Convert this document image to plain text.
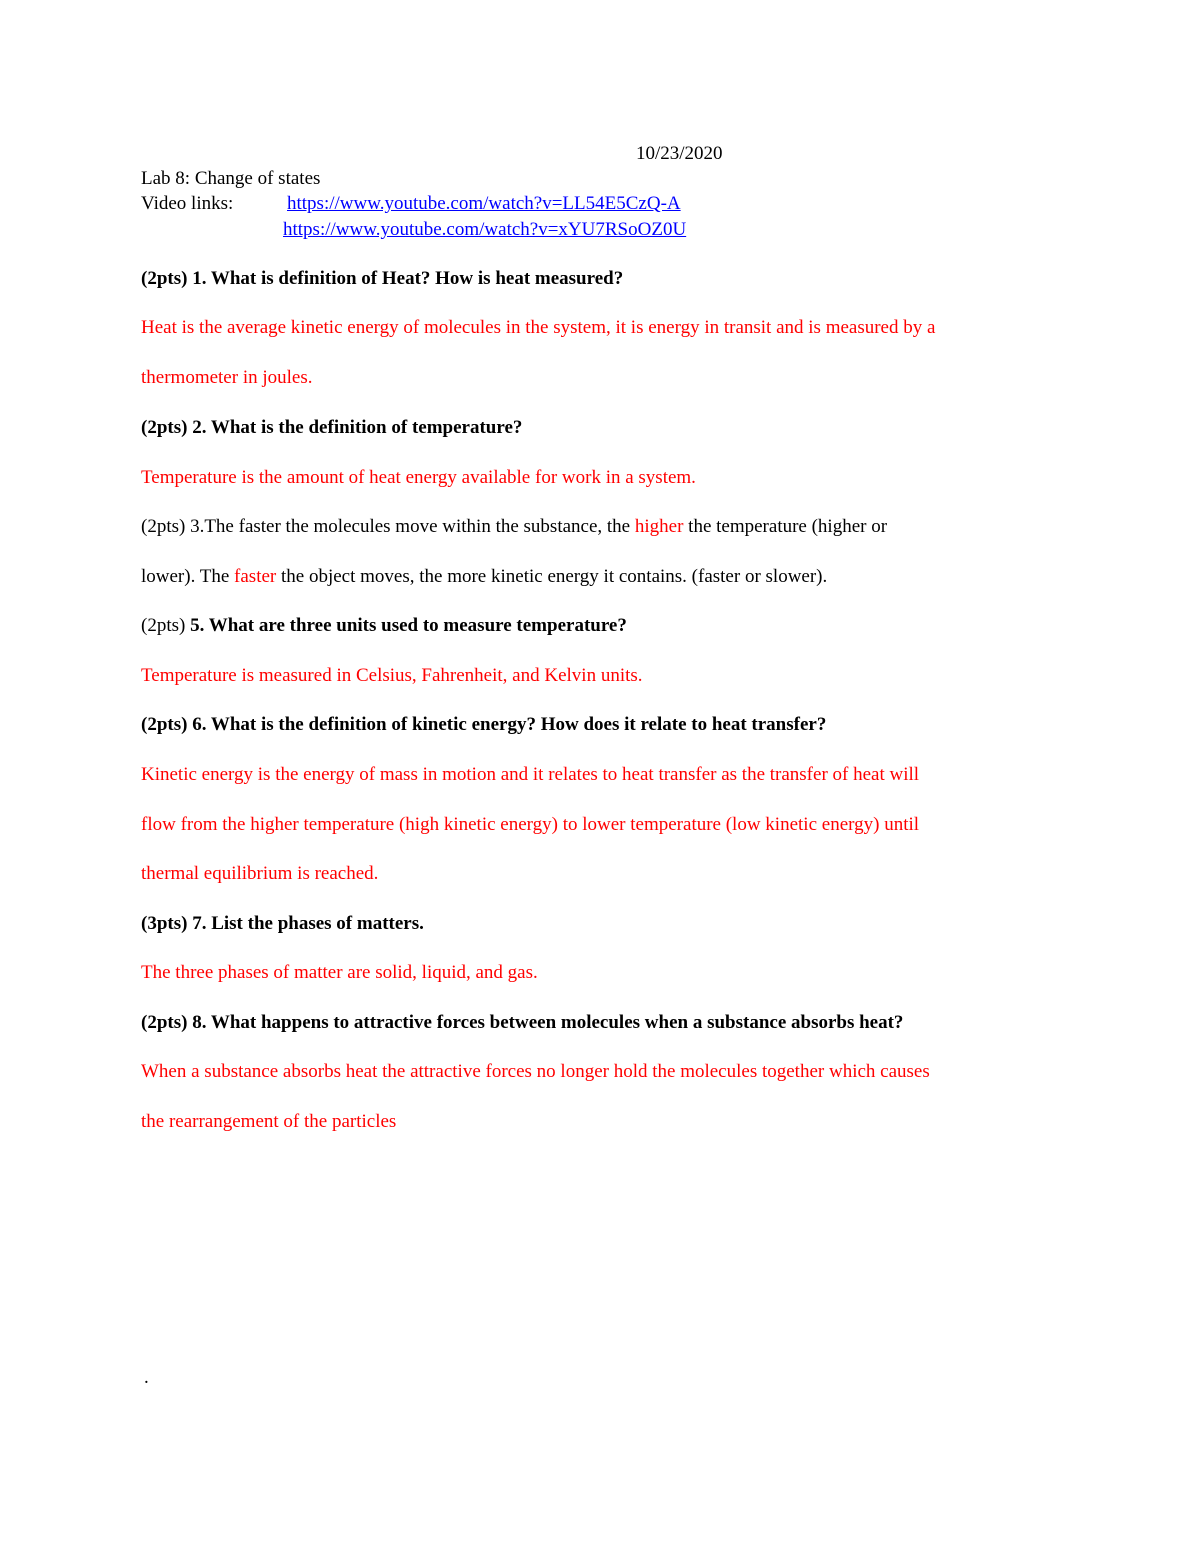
10/23/2020
Lab 8: Change of states
Video links:	https://www.youtube.com/watch?v=LL54E5CzQ-A
https://www.youtube.com/watch?v=xYU7RSoOZ0U
(2pts) 1. What is definition of Heat? How is heat measured?
Heat is the average kinetic energy of molecules in the system, it is energy in transit and is measured by a
thermometer in joules.
(2pts) 2. What is the definition of temperature?
Temperature is the amount of heat energy available for work in a system.
(2pts) 3.The faster the molecules move within the substance, the higher the temperature (higher or
lower). The faster the object moves, the more kinetic energy it contains. (faster or slower).
(2pts) 5. What are three units used to measure temperature?
Temperature is measured in Celsius, Fahrenheit, and Kelvin units.
(2pts) 6. What is the definition of kinetic energy? How does it relate to heat transfer?
Kinetic energy is the energy of mass in motion and it relates to heat transfer as the transfer of heat will
flow from the higher temperature (high kinetic energy) to lower temperature (low kinetic energy) until
thermal equilibrium is reached.
(3pts) 7. List the phases of matters.
The three phases of matter are solid, liquid, and gas.
(2pts) 8. What happens to attractive forces between molecules when a substance absorbs heat?
When a substance absorbs heat the attractive forces no longer hold the molecules together which causes
the rearrangement of the particles
.
